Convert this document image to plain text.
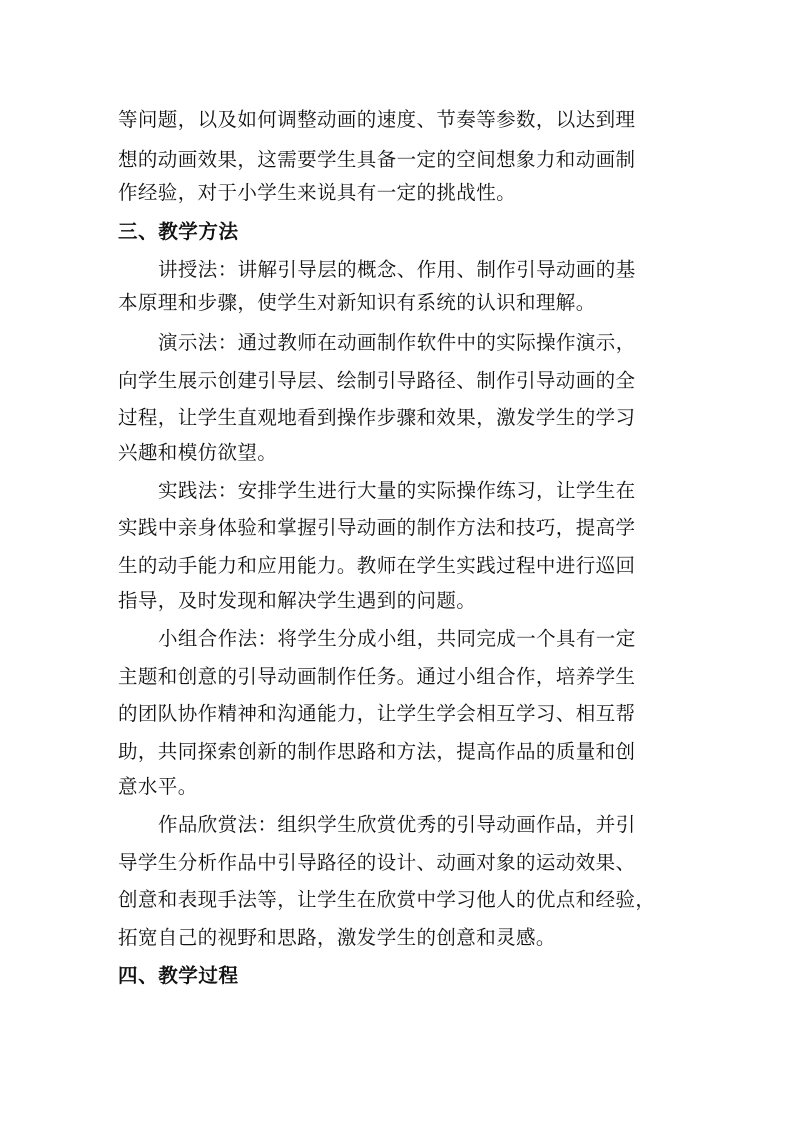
等问题，以及如何调整动画的速度、节奏等参数，以达到理
想的动画效果，这需要学生具备一定的空间想象力和动画制
作经验，对于小学生来说具有一定的挑战性。
三、教学方法
讲授法：讲解引导层的概念、作用、制作引导动画的基
本原理和步骤，使学生对新知识有系统的认识和理解。
演示法：通过教师在动画制作软件中的实际操作演示，
向学生展示创建引导层、绘制引导路径、制作引导动画的全
过程，让学生直观地看到操作步骤和效果，激发学生的学习
兴趣和模仿欲望。
实践法：安排学生进行大量的实际操作练习，让学生在
实践中亲身体验和掌握引导动画的制作方法和技巧，提高学
生的动手能力和应用能力。教师在学生实践过程中进行巡回
指导，及时发现和解决学生遇到的问题。
小组合作法：将学生分成小组，共同完成一个具有一定
主题和创意的引导动画制作任务。通过小组合作，培养学生
的团队协作精神和沟通能力，让学生学会相互学习、相互帮
助，共同探索创新的制作思路和方法，提高作品的质量和创
意水平。
作品欣赏法：组织学生欣赏优秀的引导动画作品，并引
导学生分析作品中引导路径的设计、动画对象的运动效果、
创意和表现手法等，让学生在欣赏中学习他人的优点和经验，
拓宽自己的视野和思路，激发学生的创意和灵感。
四、教学过程
